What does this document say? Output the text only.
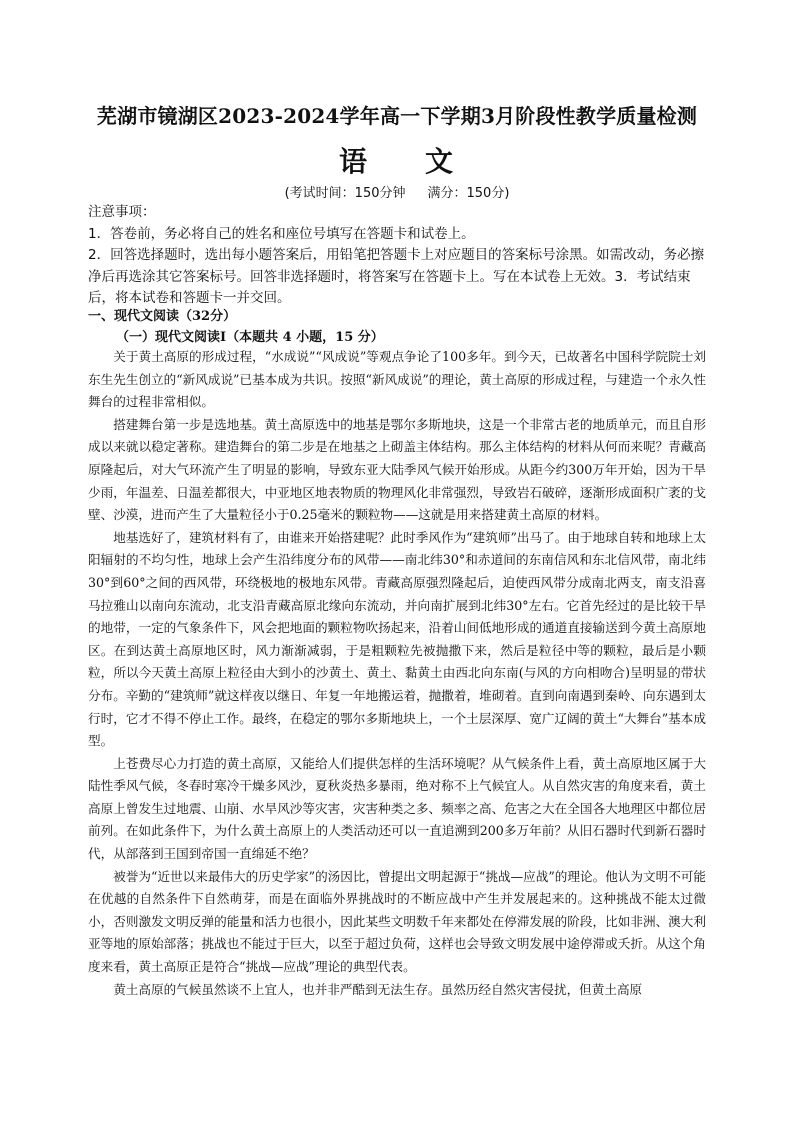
芜湖市镜湖区2023-2024学年高一下学期3月阶段性教学质量检测
语 文
(考试时间：150分钟 满分：150分)

注意事项：

1．答卷前，务必将自己的姓名和座位号填写在答题卡和试卷上。

2．回答选择题时，选出每小题答案后，用铅笔把答题卡上对应题目的答案标号涂黑。如需改动，务必擦净后再选涂其它答案标号。回答非选择题时，将答案写在答题卡上。写在本试卷上无效。3．考试结束后，将本试卷和答题卡一并交回。

一、现代文阅读（32分）
（一）现代文阅读Ⅰ（本题共 4 小题，15 分）

关于黄土高原的形成过程，“水成说”“风成说”等观点争论了100多年。到今天，已故著名中国科学院院士刘东生先生创立的“新风成说”已基本成为共识。按照“新风成说”的理论，黄土高原的形成过程，与建造一个永久性舞台的过程非常相似。

搭建舞台第一步是选地基。黄土高原选中的地基是鄂尔多斯地块，这是一个非常古老的地质单元，而且自形成以来就以稳定著称。建造舞台的第二步是在地基之上砌盖主体结构。那么主体结构的材料从何而来呢？青藏高原隆起后，对大气环流产生了明显的影响，导致东亚大陆季风气候开始形成。从距今约300万年开始，因为干旱少雨，年温差、日温差都很大，中亚地区地表物质的物理风化非常强烈，导致岩石破碎，逐渐形成面积广袤的戈壁、沙漠，进而产生了大量粒径小于0.25毫米的颗粒物——这就是用来搭建黄土高原的材料。

地基选好了，建筑材料有了，由谁来开始搭建呢？此时季风作为“建筑师”出马了。由于地球自转和地球上太阳辐射的不均匀性，地球上会产生沿纬度分布的风带——南北纬30°和赤道间的东南信风和东北信风带，南北纬30°到60°之间的西风带，环绕极地的极地东风带。青藏高原强烈隆起后，迫使西风带分成南北两支，南支沿喜马拉雅山以南向东流动，北支沿青藏高原北缘向东流动，并向南扩展到北纬30°左右。它首先经过的是比较干旱的地带，一定的气象条件下，风会把地面的颗粒物吹扬起来，沿着山间低地形成的通道直接输送到今黄土高原地区。在到达黄土高原地区时，风力渐渐减弱，于是粗颗粒先被抛撒下来，然后是粒径中等的颗粒，最后是小颗粒，所以今天黄土高原上粒径由大到小的沙黄土、黄土、黏黄土由西北向东南(与风的方向相吻合)呈明显的带状分布。辛勤的“建筑师”就这样夜以继日、年复一年地搬运着，抛撒着，堆砌着。直到向南遇到秦岭、向东遇到太行时，它才不得不停止工作。最终，在稳定的鄂尔多斯地块上，一个土层深厚、宽广辽阔的黄土“大舞台”基本成型。

上苍费尽心力打造的黄土高原，又能给人们提供怎样的生活环境呢？从气候条件上看，黄土高原地区属于大陆性季风气候，冬春时寒冷干燥多风沙，夏秋炎热多暴雨，绝对称不上气候宜人。从自然灾害的角度来看，黄土高原上曾发生过地震、山崩、水旱风沙等灾害，灾害种类之多、频率之高、危害之大在全国各大地理区中都位居前列。在如此条件下，为什么黄土高原上的人类活动还可以一直追溯到200多万年前？从旧石器时代到新石器时代，从部落到王国到帝国一直绵延不绝？

被誉为“近世以来最伟大的历史学家”的汤因比，曾提出文明起源于“挑战—应战”的理论。他认为文明不可能在优越的自然条件下自然萌芽，而是在面临外界挑战时的不断应战中产生并发展起来的。这种挑战不能太过微小，否则激发文明反弹的能量和活力也很小，因此某些文明数千年来都处在停滞发展的阶段，比如非洲、澳大利亚等地的原始部落；挑战也不能过于巨大，以至于超过负荷，这样也会导致文明发展中途停滞或夭折。从这个角度来看，黄土高原正是符合“挑战—应战”理论的典型代表。

黄土高原的气候虽然谈不上宜人，也并非严酷到无法生存。虽然历经自然灾害侵扰，但黄土高原
